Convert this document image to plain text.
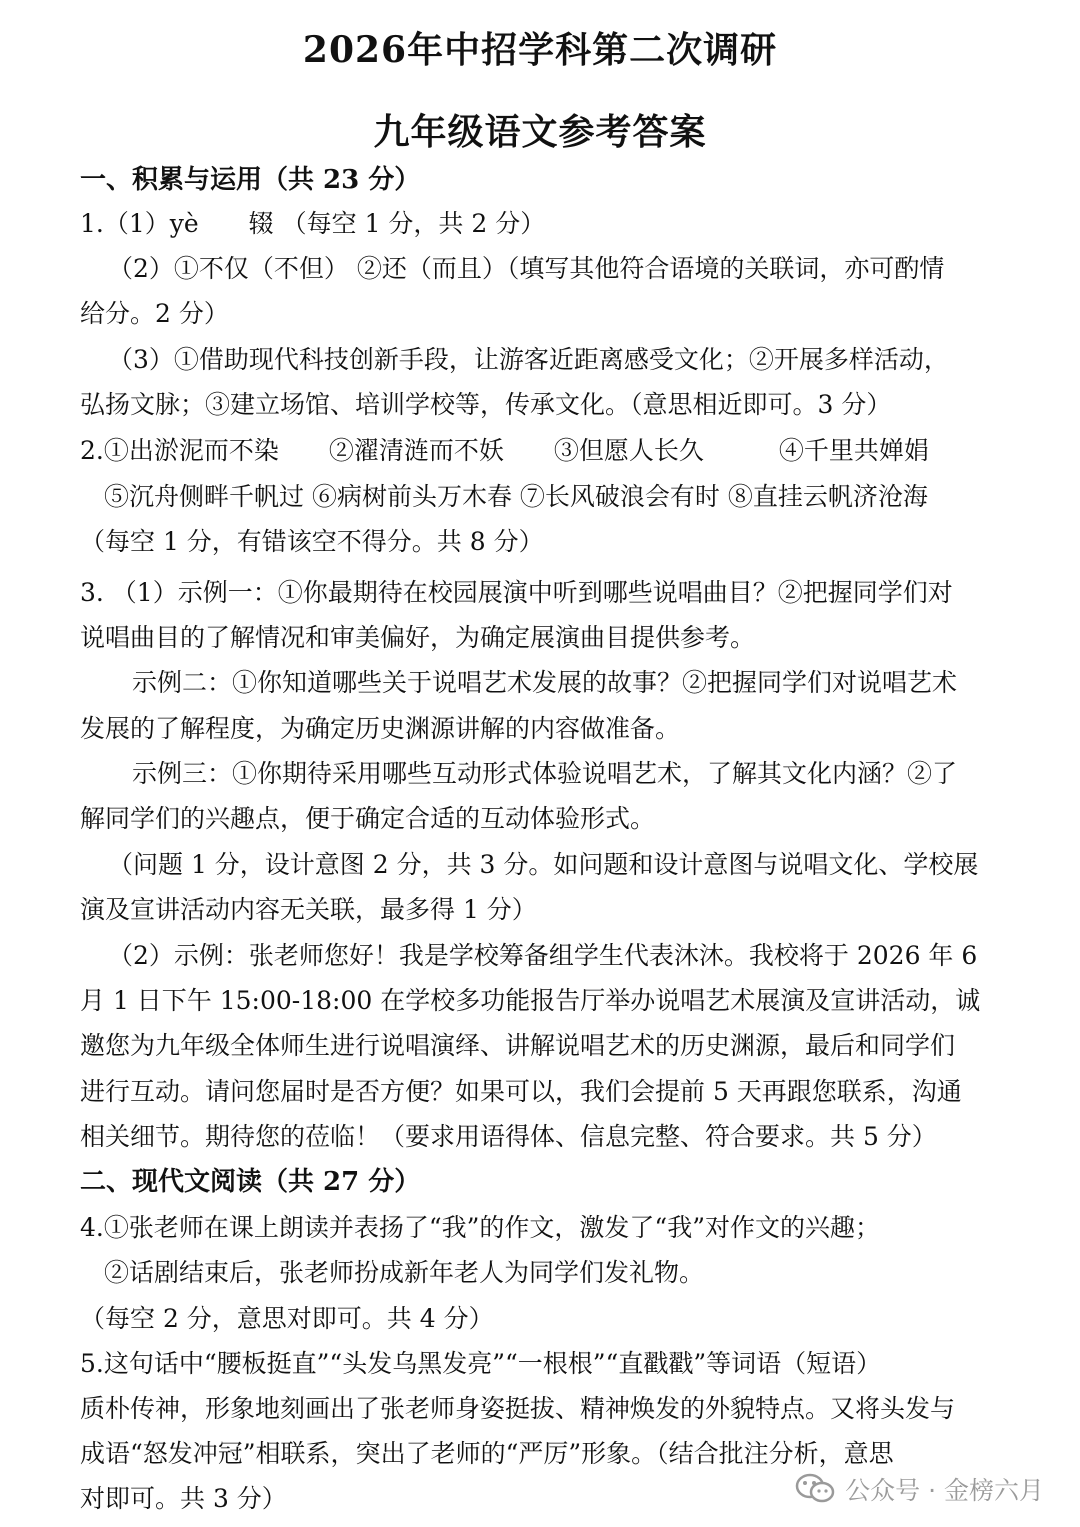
2026年中招学科第二次调研
九年级语文参考答案
一、积累与运用（共 23 分）
1.（1）yè　　辍 （每空 1 分，共 2 分）
（2）①不仅（不但） ②还（而且）（填写其他符合语境的关联词，亦可酌情
给分。2 分）
（3）①借助现代科技创新手段，让游客近距离感受文化；②开展多样活动，
弘扬文脉；③建立场馆、培训学校等，传承文化。（意思相近即可。3 分）
2.①出淤泥而不染　　②濯清涟而不妖　　③但愿人长久　　　④千里共婵娟
⑤沉舟侧畔千帆过 ⑥病树前头万木春 ⑦长风破浪会有时 ⑧直挂云帆济沧海
（每空 1 分，有错该空不得分。共 8 分）
3. （1）示例一：①你最期待在校园展演中听到哪些说唱曲目？②把握同学们对
说唱曲目的了解情况和审美偏好，为确定展演曲目提供参考。
示例二：①你知道哪些关于说唱艺术发展的故事？②把握同学们对说唱艺术
发展的了解程度，为确定历史渊源讲解的内容做准备。
示例三：①你期待采用哪些互动形式体验说唱艺术，了解其文化内涵？②了
解同学们的兴趣点，便于确定合适的互动体验形式。
（问题 1 分，设计意图 2 分，共 3 分。如问题和设计意图与说唱文化、学校展
演及宣讲活动内容无关联，最多得 1 分）
（2）示例：张老师您好！我是学校筹备组学生代表沐沐。我校将于 2026 年 6
月 1 日下午 15:00-18:00 在学校多功能报告厅举办说唱艺术展演及宣讲活动，诚
邀您为九年级全体师生进行说唱演绎、讲解说唱艺术的历史渊源，最后和同学们
进行互动。请问您届时是否方便？如果可以，我们会提前 5 天再跟您联系，沟通
相关细节。期待您的莅临！（要求用语得体、信息完整、符合要求。共 5 分）
二、现代文阅读（共 27 分）
4.①张老师在课上朗读并表扬了“我”的作文，激发了“我”对作文的兴趣；
②话剧结束后，张老师扮成新年老人为同学们发礼物。
（每空 2 分，意思对即可。共 4 分）
5.这句话中“腰板挺直”“头发乌黑发亮”“一根根”“直戳戳”等词语（短语）
质朴传神，形象地刻画出了张老师身姿挺拔、精神焕发的外貌特点。又将头发与
成语“怒发冲冠”相联系，突出了老师的“严厉”形象。（结合批注分析，意思
对即可。共 3 分）	公众号 · 金榜六月
